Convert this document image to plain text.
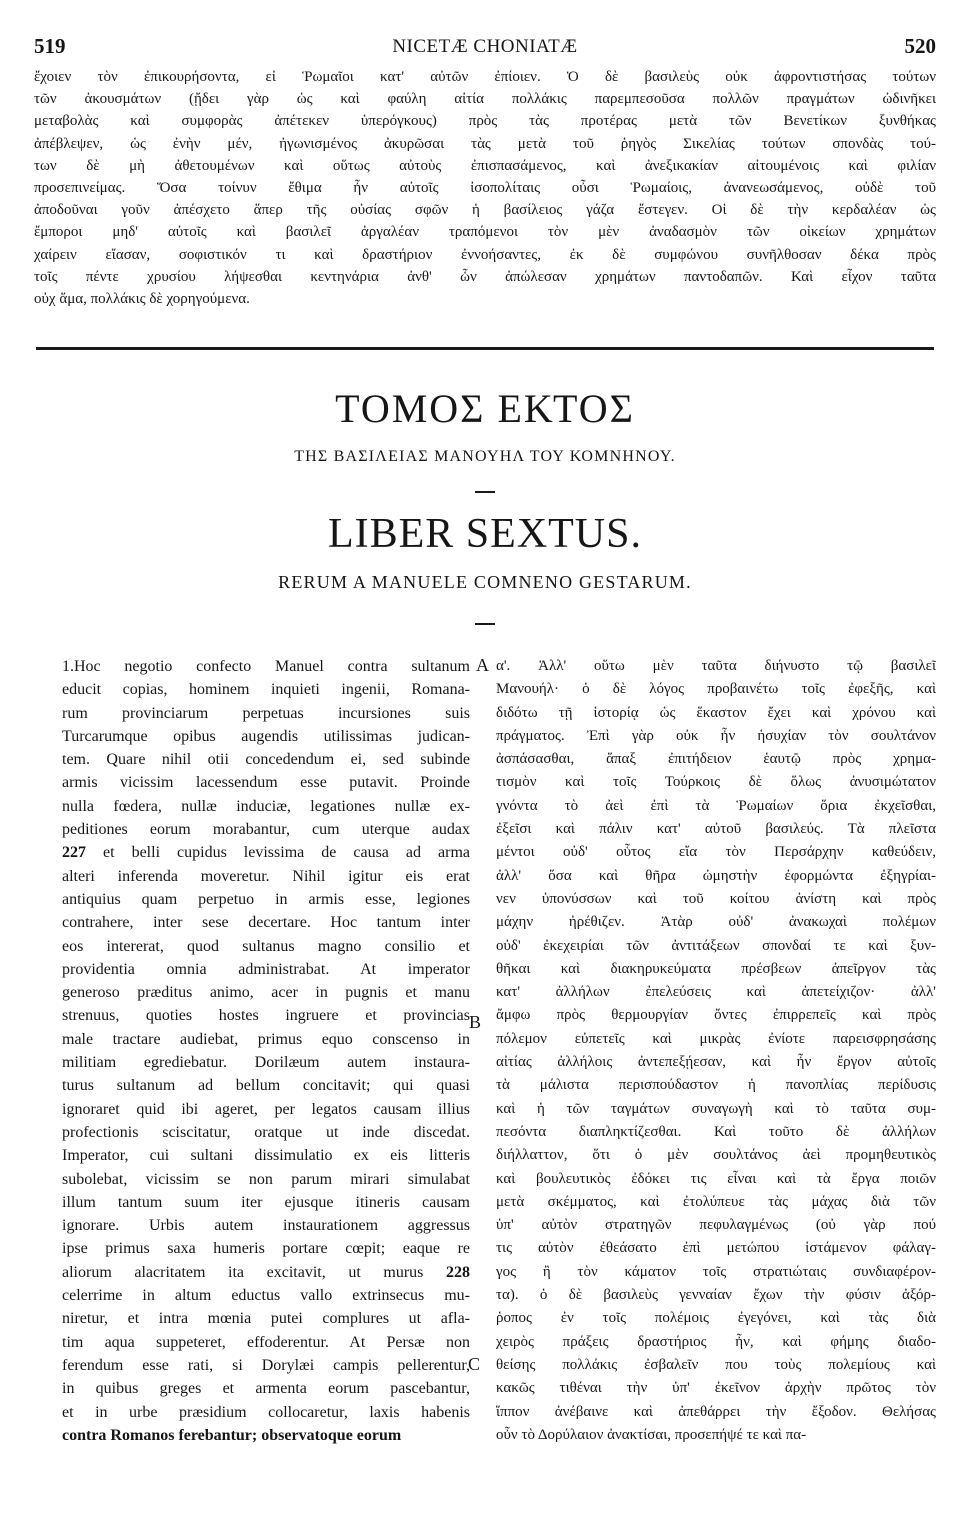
519	NICETÆ CHONIATÆ	520
ἔχοιεν τὸν ἐπικουρήσοντα, εἰ Ῥωμαῖοι κατ' αὐτῶν ἐπίοιεν. Ὁ δὲ βασιλεὺς οὐκ ἀφροντιστήσας τούτων
τῶν ἀκουσμάτων (ᾔδει γὰρ ὡς καὶ φαύλη αἰτία πολλάκις παρεμπεσοῦσα πολλῶν πραγμάτων ὠδινῆκει
μεταβολὰς καὶ συμφορὰς ἀπέτεκεν ὑπερόγκους) πρὸς τὰς προτέρας μετὰ τῶν Βενετίκων ξυνθήκας
ἀπέβλεψεν, ὡς ἐνὴν μέν, ἠγωνισμένος ἀκυρῶσαι τὰς μετὰ τοῦ ῥηγὸς Σικελίας τούτων σπονδὰς τού-
των δὲ μὴ ἀθετουμένων καὶ οὕτως αὐτοὺς ἐπισπασάμενος, καὶ ἀνεξικακίαν αἰτουμένοις καὶ φιλίαν
προσεπινείμας. Ὅσα τοίνυν ἔθιμα ἦν αὐτοῖς ἰσοπολίταις οὖσι Ῥωμαίοις, ἀνανεωσάμενος, οὐδὲ τοῦ
ἀποδοῦναι γοῦν ἀπέσχετο ἅπερ τῆς οὐσίας σφῶν ἡ βασίλειος γάζα ἔστεγεν. Οἱ δὲ τὴν κερδαλέαν ὡς
ἔμποροι μηδ' αὐτοῖς καὶ βασιλεῖ ἀργαλέαν τραπόμενοι τὸν μὲν ἀναδασμὸν τῶν οἰκείων χρημάτων
χαίρειν εἴασαν, σοφιστικόν τι καὶ δραστήριον ἐννοήσαντες, ἐκ δὲ συμφώνου συνῆλθοσαν δέκα πρὸς
τοῖς πέντε χρυσίου λήψεσθαι κεντηνάρια ἀνθ' ὧν ἀπώλεσαν χρημάτων παντοδαπῶν. Καὶ εἶχον ταῦτα
οὐχ ἅμα, πολλάκις δὲ χορηγούμενα.
ΤΟΜΟΣ ΕΚΤΟΣ
ΤΗΣ ΒΑΣΙΛΕΙΑΣ ΜΑΝΟΥΗΛ ΤΟΥ ΚΟΜΝΗΝΟΥ.
LIBER SEXTUS.
RERUM A MANUELE COMNENO GESTARUM.
1.Hoc negotio confecto Manuel contra sultanum
educit copias, hominem inquieti ingenii, Romana-
rum provinciarum perpetuas incursiones suis
Turcarumque opibus augendis utilissimas judican-
tem. Quare nihil otii concedendum ei, sed subinde
armis vicissim lacessendum esse putavit. Proinde
nulla fœdera, nullæ induciæ, legationes nullæ ex-
peditiones eorum morabantur, cum uterque audax
227 et belli cupidus levissima de causa ad arma
alteri inferenda moveretur. Nihil igitur eis erat
antiquius quam perpetuo in armis esse, legiones
contrahere, inter sese decertare. Hoc tantum inter
eos intererat, quod sultanus magno consilio et
providentia omnia administrabat. At imperator
generoso præditus animo, acer in pugnis et manu
strenuus, quoties hostes ingruere et provincias
male tractare audiebat, primus equo conscenso in
militiam egrediebatur. Dorilæum autem instaura-
turus sultanum ad bellum concitavit; qui quasi
ignoraret quid ibi ageret, per legatos causam illius
profectionis sciscitatur, oratque ut inde discedat.
Imperator, cui sultani dissimulatio ex eis litteris
subolebat, vicissim se non parum mirari simulabat
illum tantum suum iter ejusque itineris causam
ignorare. Urbis autem instaurationem aggressus
ipse primus saxa humeris portare cœpit; eaque re
aliorum alacritatem ita excitavit, ut murus 228
celerrime in altum eductus vallo extrinsecus mu-
niretur, et intra mœnia putei complures ut afla-
tim aqua suppeteret, effoderentur. At Persæ non
ferendum esse rati, si Dorylæi campis pellerentur,
in quibus greges et armenta eorum pascebantur,
et in urbe præsidium collocaretur, laxis habenis
contra Romanos ferebantur; observatoque eorum
α'. Ἀλλ' οὕτω μὲν ταῦτα διήνυστο τῷ βασιλεῖ
Μανουήλ· ὁ δὲ λόγος προβαινέτω τοῖς ἐφεξῆς, καὶ
διδότω τῇ ἱστορίᾳ ὡς ἕκαστον ἔχει καὶ χρόνου καὶ
πράγματος. Ἐπὶ γὰρ οὐκ ἦν ἡσυχίαν τὸν σουλτάνον
ἀσπάσασθαι, ἅπαξ ἐπιτήδειον ἑαυτῷ πρὸς χρημα-
τισμὸν καὶ τοῖς Τούρκοις δὲ ὅλως ἀνυσιμώτατον
γνόντα τὸ ἀεὶ ἐπὶ τὰ Ῥωμαίων ὅρια ἐκχεῖσθαι,
ἐξεῖσι καὶ πάλιν κατ' αὐτοῦ βασιλεύς. Τὰ πλεῖστα
μέντοι οὐδ' οὗτος εἴα τὸν Περσάρχην καθεύδειν,
ἀλλ' ὅσα καὶ θῆρα ὠμηστὴν ἐφορμώντα ἐξηγρίαι-
νεν ὑπονύσσων καὶ τοῦ κοίτου ἀνίστη καὶ πρὸς
μάχην ἠρέθιζεν. Ἀτὰρ οὐδ' ἀνακωχαὶ πολέμων
οὐδ' ἐκεχειρίαι τῶν ἀντιτάξεων σπονδαί τε καὶ ξυν-
θῆκαι καὶ διακηρυκεύματα πρέσβεων ἀπεῖργον τὰς
κατ' ἀλλήλων ἐπελεύσεις καὶ ἀπετείχιζον· ἀλλ'
ἄμφω πρὸς θερμουργίαν ὄντες ἐπιρρεπεῖς καὶ πρὸς
πόλεμον εὐπετεῖς καὶ μικρὰς ἐνίοτε παρεισφρησάσης
αἰτίας ἀλλήλοις ἀντεπεξῄεσαν, καὶ ἦν ἔργον αὐτοῖς
τὰ μάλιστα περισπούδαστον ἡ πανοπλίας περίδυσις
καὶ ἡ τῶν ταγμάτων συναγωγὴ καὶ τὸ ταῦτα συμ-
πεσόντα διαπληκτίζεσθαι. Καὶ τοῦτο δὲ ἀλλήλων
διήλλαττον, ὅτι ὁ μὲν σουλτάνος ἀεὶ προμηθευτικὸς
καὶ βουλευτικὸς ἐδόκει τις εἶναι καὶ τὰ ἔργα ποιῶν
μετὰ σκέμματος, καὶ ἐτολύπευε τὰς μάχας διὰ τῶν
ὑπ' αὐτὸν στρατηγῶν πεφυλαγμένως (οὐ γὰρ πού
τις αὐτὸν ἐθεάσατο ἐπὶ μετώπου ἱστάμενον φάλαγ-
γος ἢ τὸν κάματον τοῖς στρατιώταις συνδιαφέρον-
τα). ὁ δὲ βασιλεὺς γενναίαν ἔχων τὴν φύσιν ἀξόρ-
ῥοπος ἐν τοῖς πολέμοις ἐγεγόνει, καὶ τὰς διὰ
χειρὸς πράξεις δραστήριος ἦν, καὶ φήμης διαδο-
θείσης πολλάκις ἐσβαλεῖν που τοὺς πολεμίους καὶ
κακῶς τιθέναι τὴν ὑπ' ἐκεῖνον ἀρχὴν πρῶτος τὸν
ἵππον ἀνέβαινε καὶ ἀπεθάρρει τὴν ἔξοδον. Θελήσας
οὖν τὸ Δορύλαιον ἀνακτίσαι, προσεπήψέ τε καὶ πα-
A
B
C
